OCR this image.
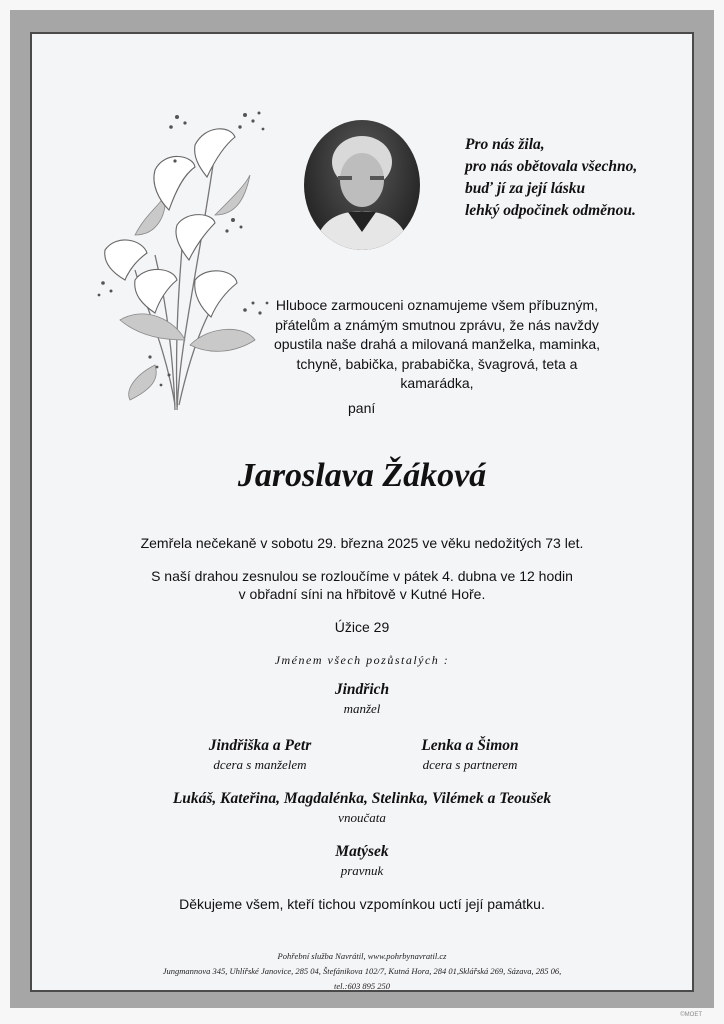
Pro nás žila,
pro nás obětovala všechno,
buď jí za její lásku
lehký odpočinek odměnou.
Hluboce zarmouceni oznamujeme všem příbuzným, přátelům a známým smutnou zprávu, že nás navždy opustila naše drahá a milovaná manželka, maminka, tchyně, babička, prababička, švagrová, teta a kamarádka,
paní
Jaroslava Žáková
Zemřela nečekaně v sobotu 29. března 2025 ve věku nedožitých 73 let.
S naší drahou zesnulou se rozloučíme v pátek 4. dubna ve 12 hodin
v obřadní síni na hřbitově v Kutné Hoře.
Úžice 29
Jménem všech pozůstalých :
Jindřich
manžel
Jindřiška a Petr
dcera s manželem
Lenka a Šimon
dcera s partnerem
Lukáš, Kateřina, Magdalénka, Stelinka, Vilémek a Teoušek
vnoučata
Matýsek
pravnuk
Děkujeme všem, kteří tichou vzpomínkou uctí její památku.
Pohřební služba Navrátil, www.pohrbynavratil.cz
Jungmannova 345, Uhlířské Janovice, 285 04, Štefánikova 102/7, Kutná Hora, 284 01,Sklářská 269, Sázava, 285 06,
tel.:603 895 250
©MOET
